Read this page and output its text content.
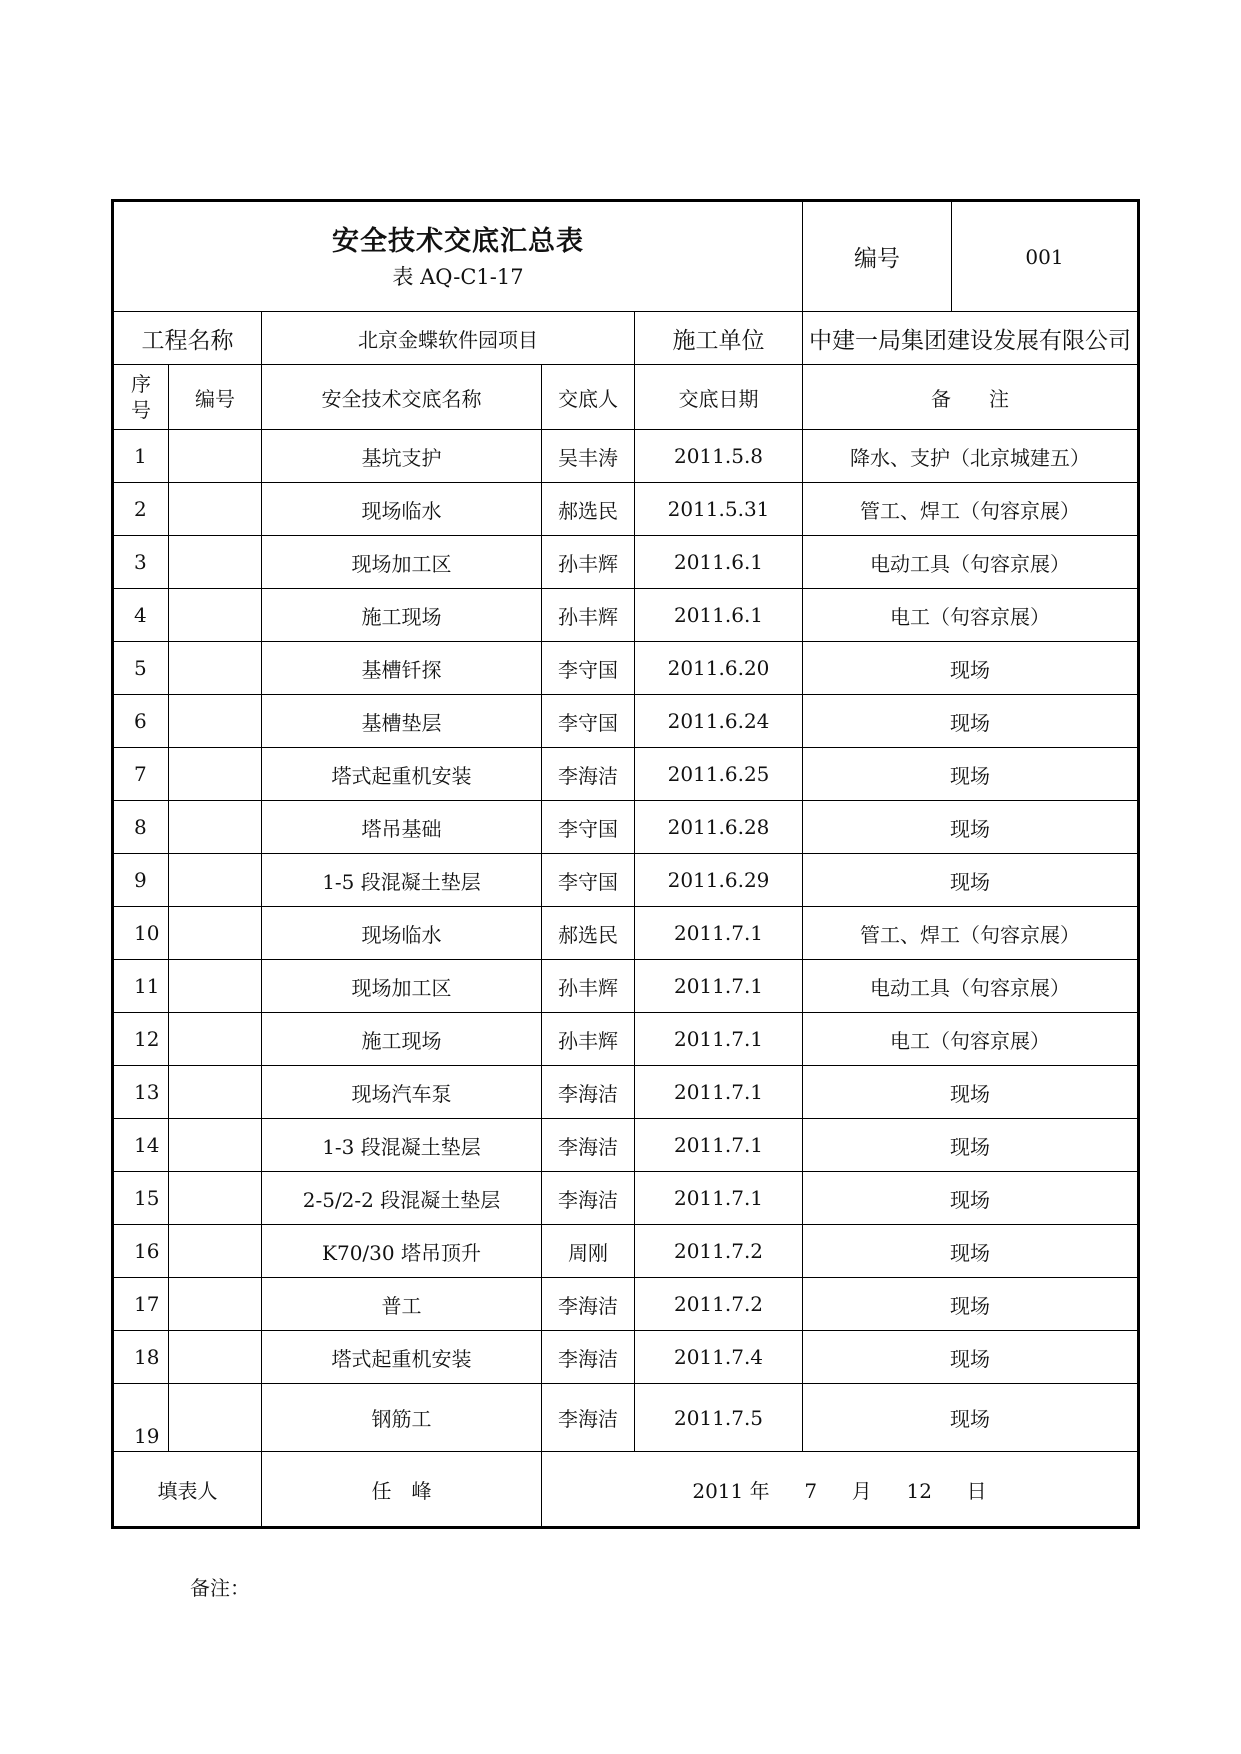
安全技术交底汇总表
表 AQ-C1-17					编号	001
工程名称		北京金蝶软件园项目		施工单位	中建一局集团建设发展有限公司	

序
号	编号	安全技术交底名称	交底人	交底日期	备 注	
1		基坑支护	吴丰涛	2011.5.8	降水、支护（北京城建五）	
2		现场临水	郝选民	2011.5.31	管工、焊工（句容京展）	
3		现场加工区	孙丰辉	2011.6.1	电动工具（句容京展）	
4		施工现场	孙丰辉	2011.6.1	电工（句容京展）	
5		基槽钎探	李守国	2011.6.20	现场	
6		基槽垫层	李守国	2011.6.24	现场	
7		塔式起重机安装	李海洁	2011.6.25	现场	
8		塔吊基础	李守国	2011.6.28	现场	
9		1-5 段混凝土垫层	李守国	2011.6.29	现场	
10		现场临水	郝选民	2011.7.1	管工、焊工（句容京展）	
11		现场加工区	孙丰辉	2011.7.1	电动工具（句容京展）	
12		施工现场	孙丰辉	2011.7.1	电工（句容京展）	
13		现场汽车泵	李海洁	2011.7.1	现场	
14		1-3 段混凝土垫层	李海洁	2011.7.1	现场	
15		2-5/2-2 段混凝土垫层	李海洁	2011.7.1	现场	
16		K70/30 塔吊顶升	周刚	2011.7.2	现场	
17		普工	李海洁	2011.7.2	现场	
18		塔式起重机安装	李海洁	2011.7.4	现场	
19		钢筋工	李海洁	2011.7.5	现场	
填表人		任　峰	2011 年 7 月 12 日			
备注：
